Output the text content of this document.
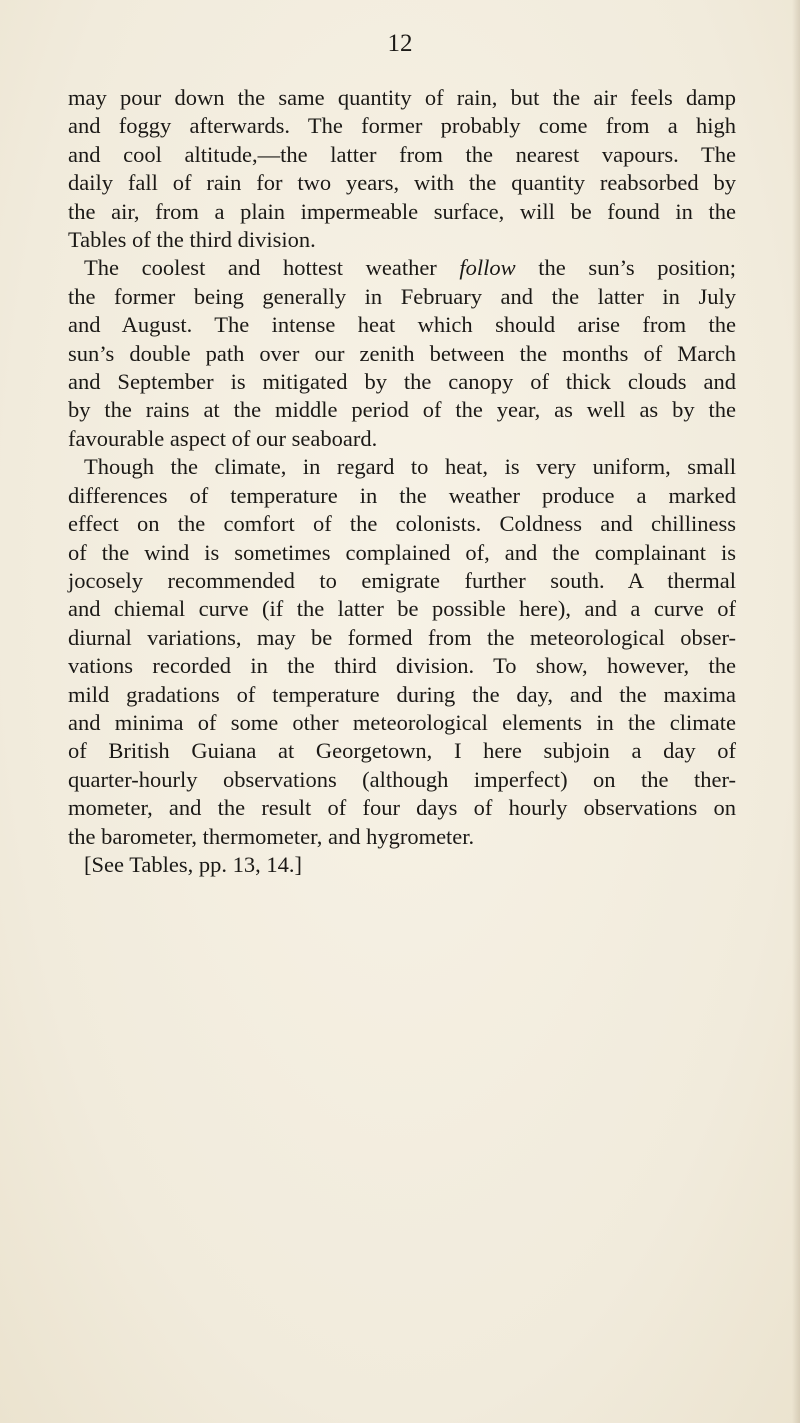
12
may pour down the same quantity of rain, but the air feels damp
and foggy afterwards. The former probably come from a high
and cool altitude,—the latter from the nearest vapours. The
daily fall of rain for two years, with the quantity reabsorbed by
the air, from a plain impermeable surface, will be found in the
Tables of the third division.
The coolest and hottest weather follow the sun’s position;
the former being generally in February and the latter in July
and August. The intense heat which should arise from the
sun’s double path over our zenith between the months of March
and September is mitigated by the canopy of thick clouds and
by the rains at the middle period of the year, as well as by the
favourable aspect of our seaboard.
Though the climate, in regard to heat, is very uniform, small
differences of temperature in the weather produce a marked
effect on the comfort of the colonists. Coldness and chilliness
of the wind is sometimes complained of, and the complainant is
jocosely recommended to emigrate further south. A thermal
and chiemal curve (if the latter be possible here), and a curve of
diurnal variations, may be formed from the meteorological obser-
vations recorded in the third division. To show, however, the
mild gradations of temperature during the day, and the maxima
and minima of some other meteorological elements in the climate
of British Guiana at Georgetown, I here subjoin a day of
quarter-hourly observations (although imperfect) on the ther-
mometer, and the result of four days of hourly observations on
the barometer, thermometer, and hygrometer.
[See Tables, pp. 13, 14.]
